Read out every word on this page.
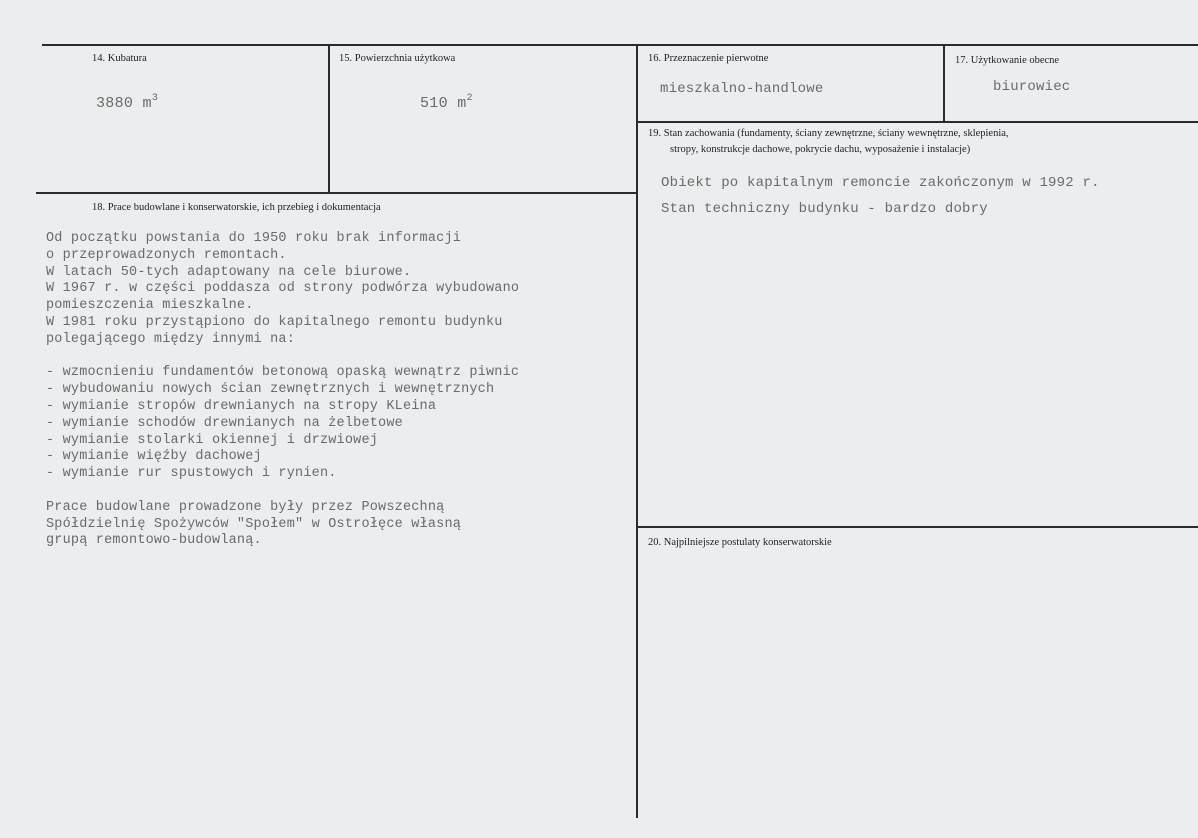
14. Kubatura
3880 $m^3$
15. Powierzchnia użytkowa
510 $m^2$
16. Przeznaczenie pierwotne
mieszkalno-handlowe
17. Użytkowanie obecne
biurowiec
19. Stan zachowania (fundamenty, ściany zewnętrzne, ściany wewnętrzne, sklepienia,
stropy, konstrukcje dachowe, pokrycie dachu, wyposażenie i instalacje)
Obiekt po kapitalnym remoncie zakończonym w 1992 r.
Stan techniczny budynku - bardzo dobry
18. Prace budowlane i konserwatorskie, ich przebieg i dokumentacja
Od początku powstania do 1950 roku brak informacji
o przeprowadzonych remontach.
W latach 50-tych adaptowany na cele biurowe.
W 1967 r. w części poddasza od strony podwórza wybudowano
pomieszczenia mieszkalne.
W 1981 roku przystąpiono do kapitalnego remontu budynku
polegającego między innymi na:
- wzmocnieniu fundamentów betonową opaską wewnątrz piwnic
- wybudowaniu nowych ścian zewnętrznych i wewnętrznych
- wymianie stropów drewnianych na stropy KLeina
- wymianie schodów drewnianych na żelbetowe
- wymianie stolarki okiennej i drzwiowej
- wymianie więźby dachowej
- wymianie rur spustowych i rynien.
Prace budowlane prowadzone były przez Powszechną
Spółdzielnię Spożywców "Społem" w Ostrołęce własną
grupą remontowo-budowlaną.	20. Najpilniejsze postulaty konserwatorskie
